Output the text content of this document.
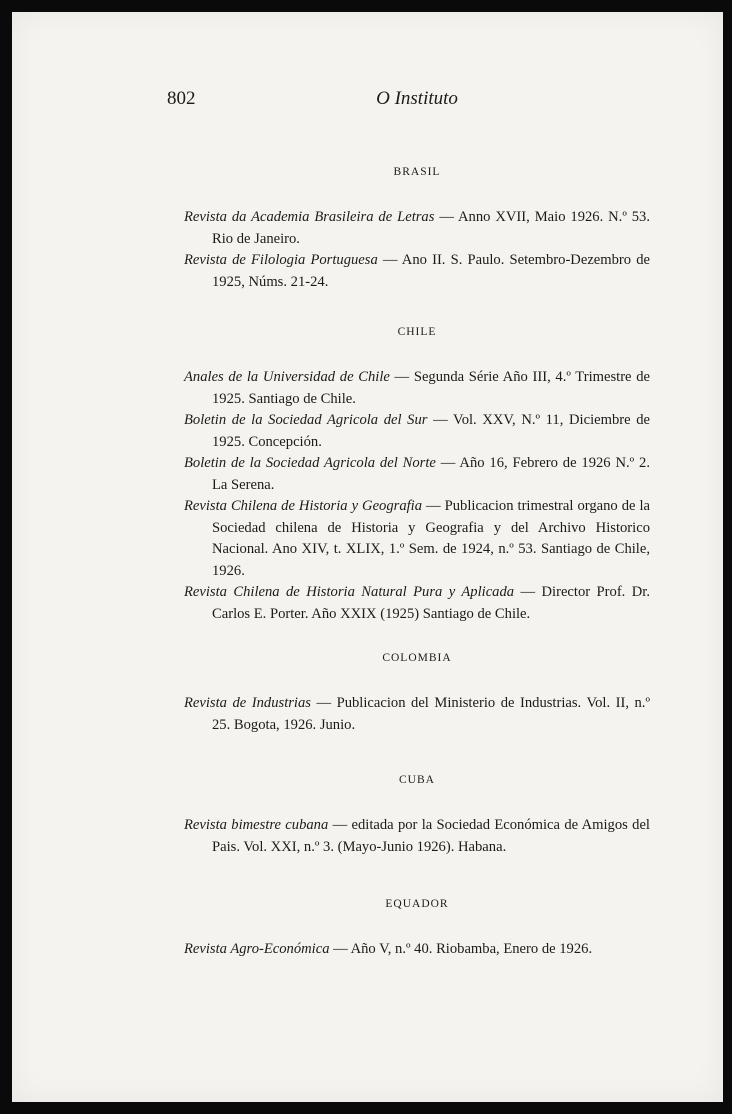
802	O Instituto
BRASIL

Revista da Academia Brasileira de Letras — Anno XVII, Maio 1926. N.º 53. Rio de Janeiro.

Revista de Filologia Portuguesa — Ano II. S. Paulo. Setembro-Dezembro de 1925, Núms. 21-24.

CHILE

Anales de la Universidad de Chile — Segunda Série Año III, 4.º Trimestre de 1925. Santiago de Chile.

Boletin de la Sociedad Agricola del Sur — Vol. XXV, N.º 11, Diciembre de 1925. Concepción.

Boletin de la Sociedad Agricola del Norte — Año 16, Febrero de 1926 N.º 2. La Serena.

Revista Chilena de Historia y Geografia — Publicacion trimestral organo de la Sociedad chilena de Historia y Geografia y del Archivo Historico Nacional. Ano XIV, t. XLIX, 1.º Sem. de 1924, n.º 53. Santiago de Chile, 1926.

Revista Chilena de Historia Natural Pura y Aplicada — Director Prof. Dr. Carlos E. Porter. Año XXIX (1925) Santiago de Chile.

COLOMBIA

Revista de Industrias — Publicacion del Ministerio de Industrias. Vol. II, n.º 25. Bogota, 1926. Junio.

CUBA

Revista bimestre cubana — editada por la Sociedad Económica de Amigos del Pais. Vol. XXI, n.º 3. (Mayo-Junio 1926). Habana.

EQUADOR

Revista Agro-Económica — Año V, n.º 40. Riobamba, Enero de 1926.
